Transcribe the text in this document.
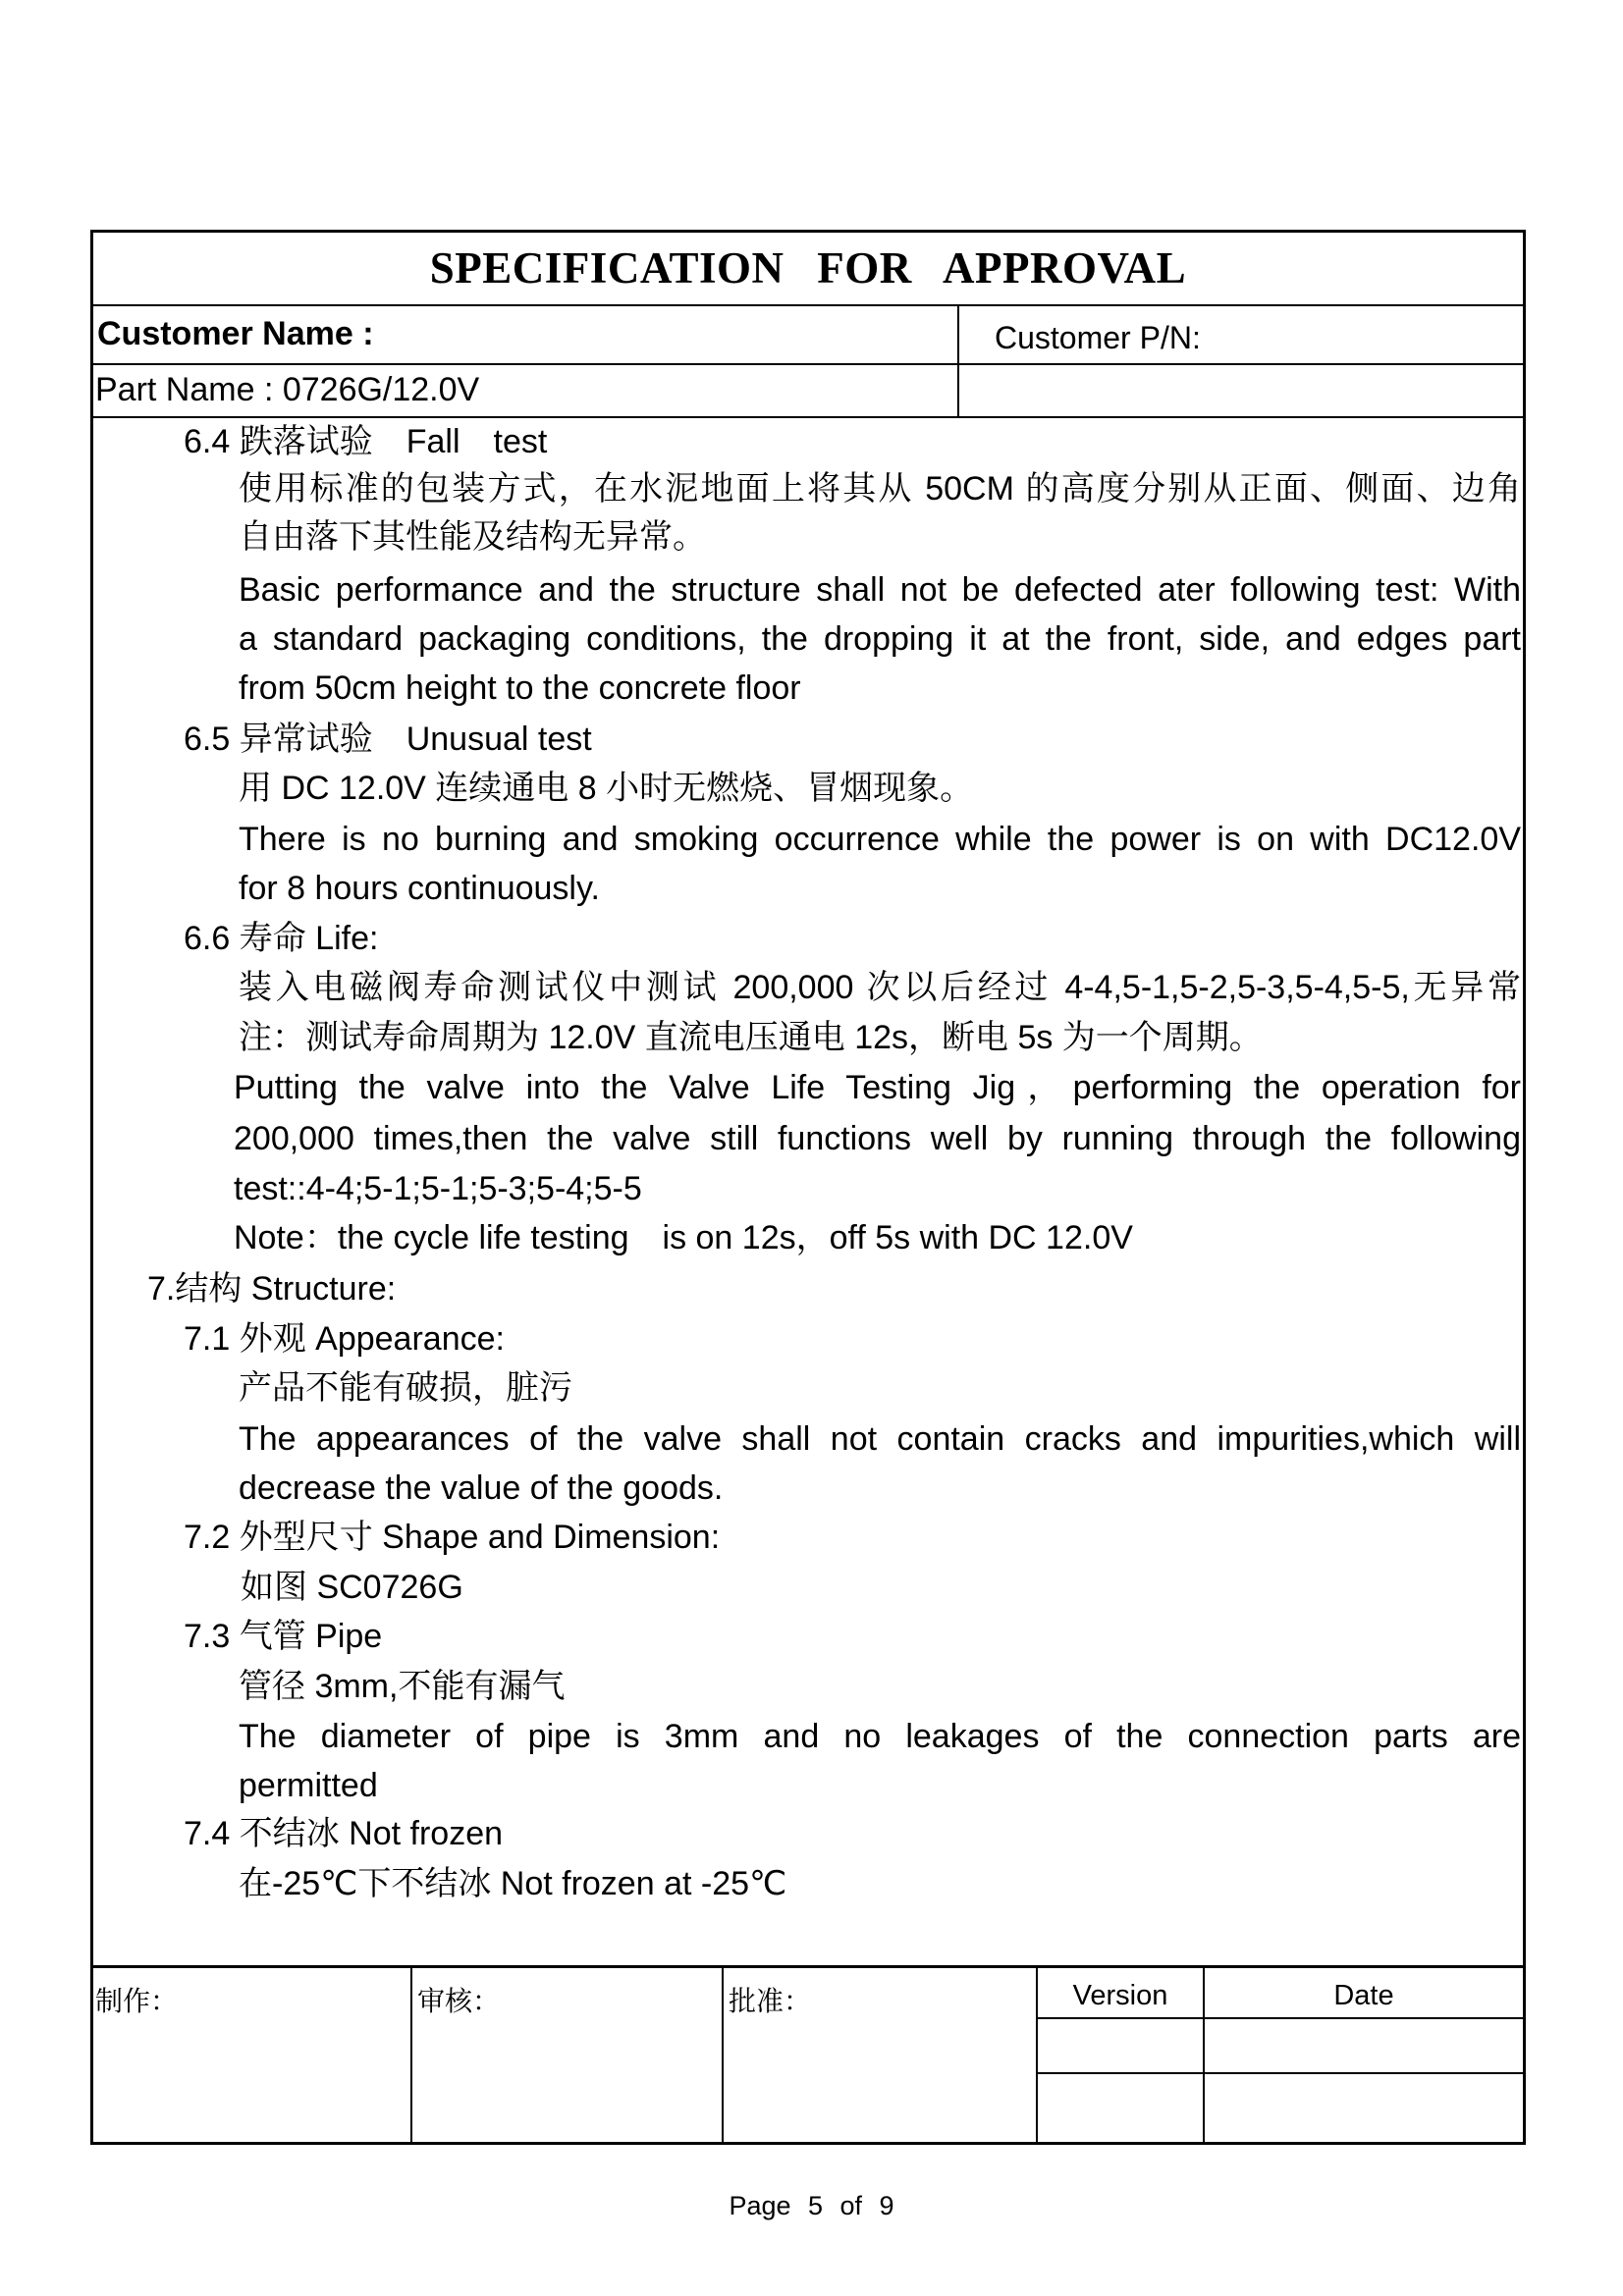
SPECIFICATION FOR APPROVAL
Customer Name :	Customer P/N:
Part Name : 0726G/12.0V
6.4 跌落试验　Fall　test
使用标准的包装方式，在水泥地面上将其从 50CM 的高度分别从正面、侧面、边角
自由落下其性能及结构无异常。
Basic performance and the structure shall not be defected ater following test: With
a standard packaging conditions, the dropping it at the front, side, and edges part
from 50cm height to the concrete floor
6.5 异常试验　Unusual test
用 DC 12.0V 连续通电 8 小时无燃烧、冒烟现象。
There is no burning and smoking occurrence while the power is on with DC12.0V
for 8 hours continuously.
6.6 寿命 Life:
装入电磁阀寿命测试仪中测试 200,000 次以后经过 4-4,5-1,5-2,5-3,5-4,5-5,无异常
注：测试寿命周期为 12.0V 直流电压通电 12s，断电 5s 为一个周期。
Putting the valve into the Valve Life Testing Jig，performing the operation for
200,000 times,then the valve still functions well by running through the following
test::4-4;5-1;5-1;5-3;5-4;5-5
Note：the cycle life testing　is on 12s，off 5s with DC 12.0V
7.结构 Structure:
7.1 外观 Appearance:
产品不能有破损，脏污
The appearances of the valve shall not contain cracks and impurities,which will
decrease the value of the goods.
7.2 外型尺寸 Shape and Dimension:
如图 SC0726G
7.3 气管 Pipe
管径 3mm,不能有漏气
The diameter of pipe is 3mm and no leakages of the connection parts are
permitted
7.4 不结冰 Not frozen
在-25℃下不结冰 Not frozen at -25℃
制作：	审核：	批准：	Version	Date
Page 5 of 9
